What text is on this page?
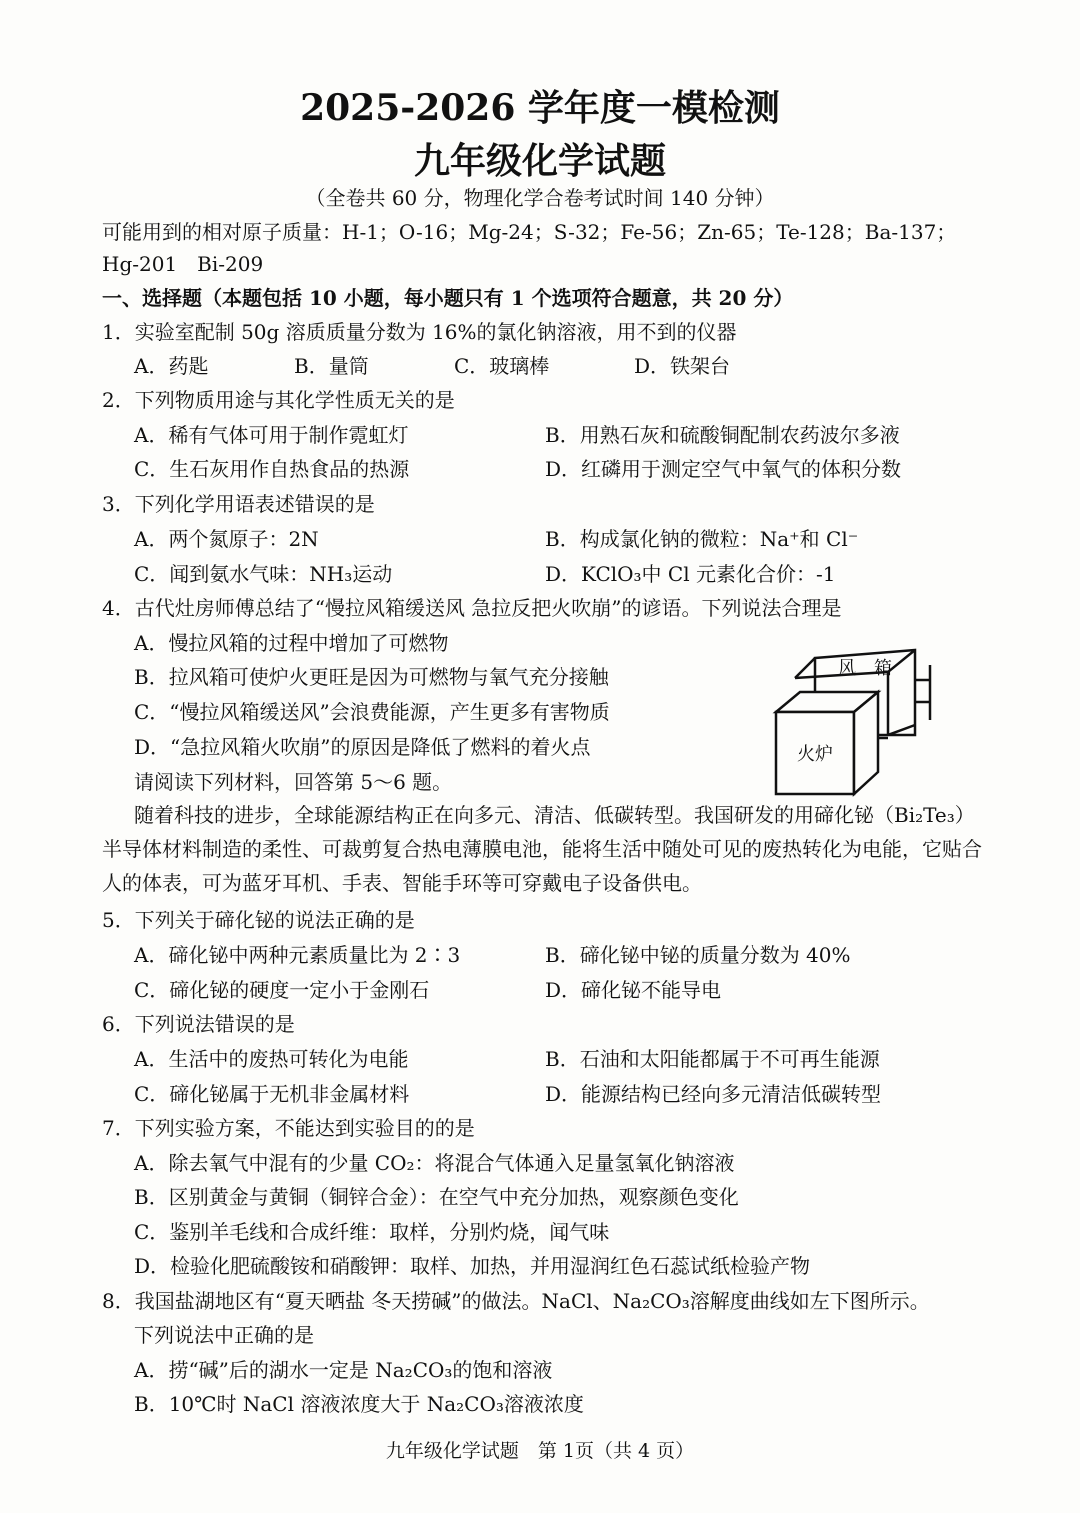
2025-2026 学年度一模检测
九年级化学试题
（全卷共 60 分，物理化学合卷考试时间 140 分钟）
可能用到的相对原子质量：H-1；O-16；Mg-24；S-32；Fe-56；Zn-65；Te-128；Ba-137；
Hg-201　Bi-209
一、选择题（本题包括 10 小题，每小题只有 1 个选项符合题意，共 20 分）
1．实验室配制 50g 溶质质量分数为 16%的氯化钠溶液，用不到的仪器
A．药匙	B．量筒	C．玻璃棒	D．铁架台
2．下列物质用途与其化学性质无关的是
A．稀有气体可用于制作霓虹灯	B．用熟石灰和硫酸铜配制农药波尔多液
C．生石灰用作自热食品的热源	D．红磷用于测定空气中氧气的体积分数
3．下列化学用语表述错误的是
A．两个氮原子：2N	B．构成氯化钠的微粒：Na⁺和 Cl⁻
C．闻到氨水气味：NH₃运动	D．KClO₃中 Cl 元素化合价：-1
4．古代灶房师傅总结了“慢拉风箱缓送风 急拉反把火吹崩”的谚语。下列说法合理是
A．慢拉风箱的过程中增加了可燃物
B．拉风箱可使炉火更旺是因为可燃物与氧气充分接触
C．“慢拉风箱缓送风”会浪费能源，产生更多有害物质
D．“急拉风箱火吹崩”的原因是降低了燃料的着火点
风　箱
火炉
请阅读下列材料，回答第 5～6 题。
随着科技的进步，全球能源结构正在向多元、清洁、低碳转型。我国研发的用碲化铋（Bi₂Te₃）半导体材料制造的柔性、可裁剪复合热电薄膜电池，能将生活中随处可见的废热转化为电能，它贴合人的体表，可为蓝牙耳机、手表、智能手环等可穿戴电子设备供电。
5．下列关于碲化铋的说法正确的是
A．碲化铋中两种元素质量比为 2∶3	B．碲化铋中铋的质量分数为 40%
C．碲化铋的硬度一定小于金刚石	D．碲化铋不能导电
6．下列说法错误的是
A．生活中的废热可转化为电能	B．石油和太阳能都属于不可再生能源
C．碲化铋属于无机非金属材料	D．能源结构已经向多元清洁低碳转型
7．下列实验方案，不能达到实验目的的是
A．除去氧气中混有的少量 CO₂：将混合气体通入足量氢氧化钠溶液
B．区别黄金与黄铜（铜锌合金）：在空气中充分加热，观察颜色变化
C．鉴别羊毛线和合成纤维：取样，分别灼烧，闻气味
D．检验化肥硫酸铵和硝酸钾：取样、加热，并用湿润红色石蕊试纸检验产物
8．我国盐湖地区有“夏天晒盐 冬天捞碱”的做法。NaCl、Na₂CO₃溶解度曲线如左下图所示。
下列说法中正确的是
A．捞“碱”后的湖水一定是 Na₂CO₃的饱和溶液
B．10℃时 NaCl 溶液浓度大于 Na₂CO₃溶液浓度
九年级化学试题　第 1页（共 4 页）
